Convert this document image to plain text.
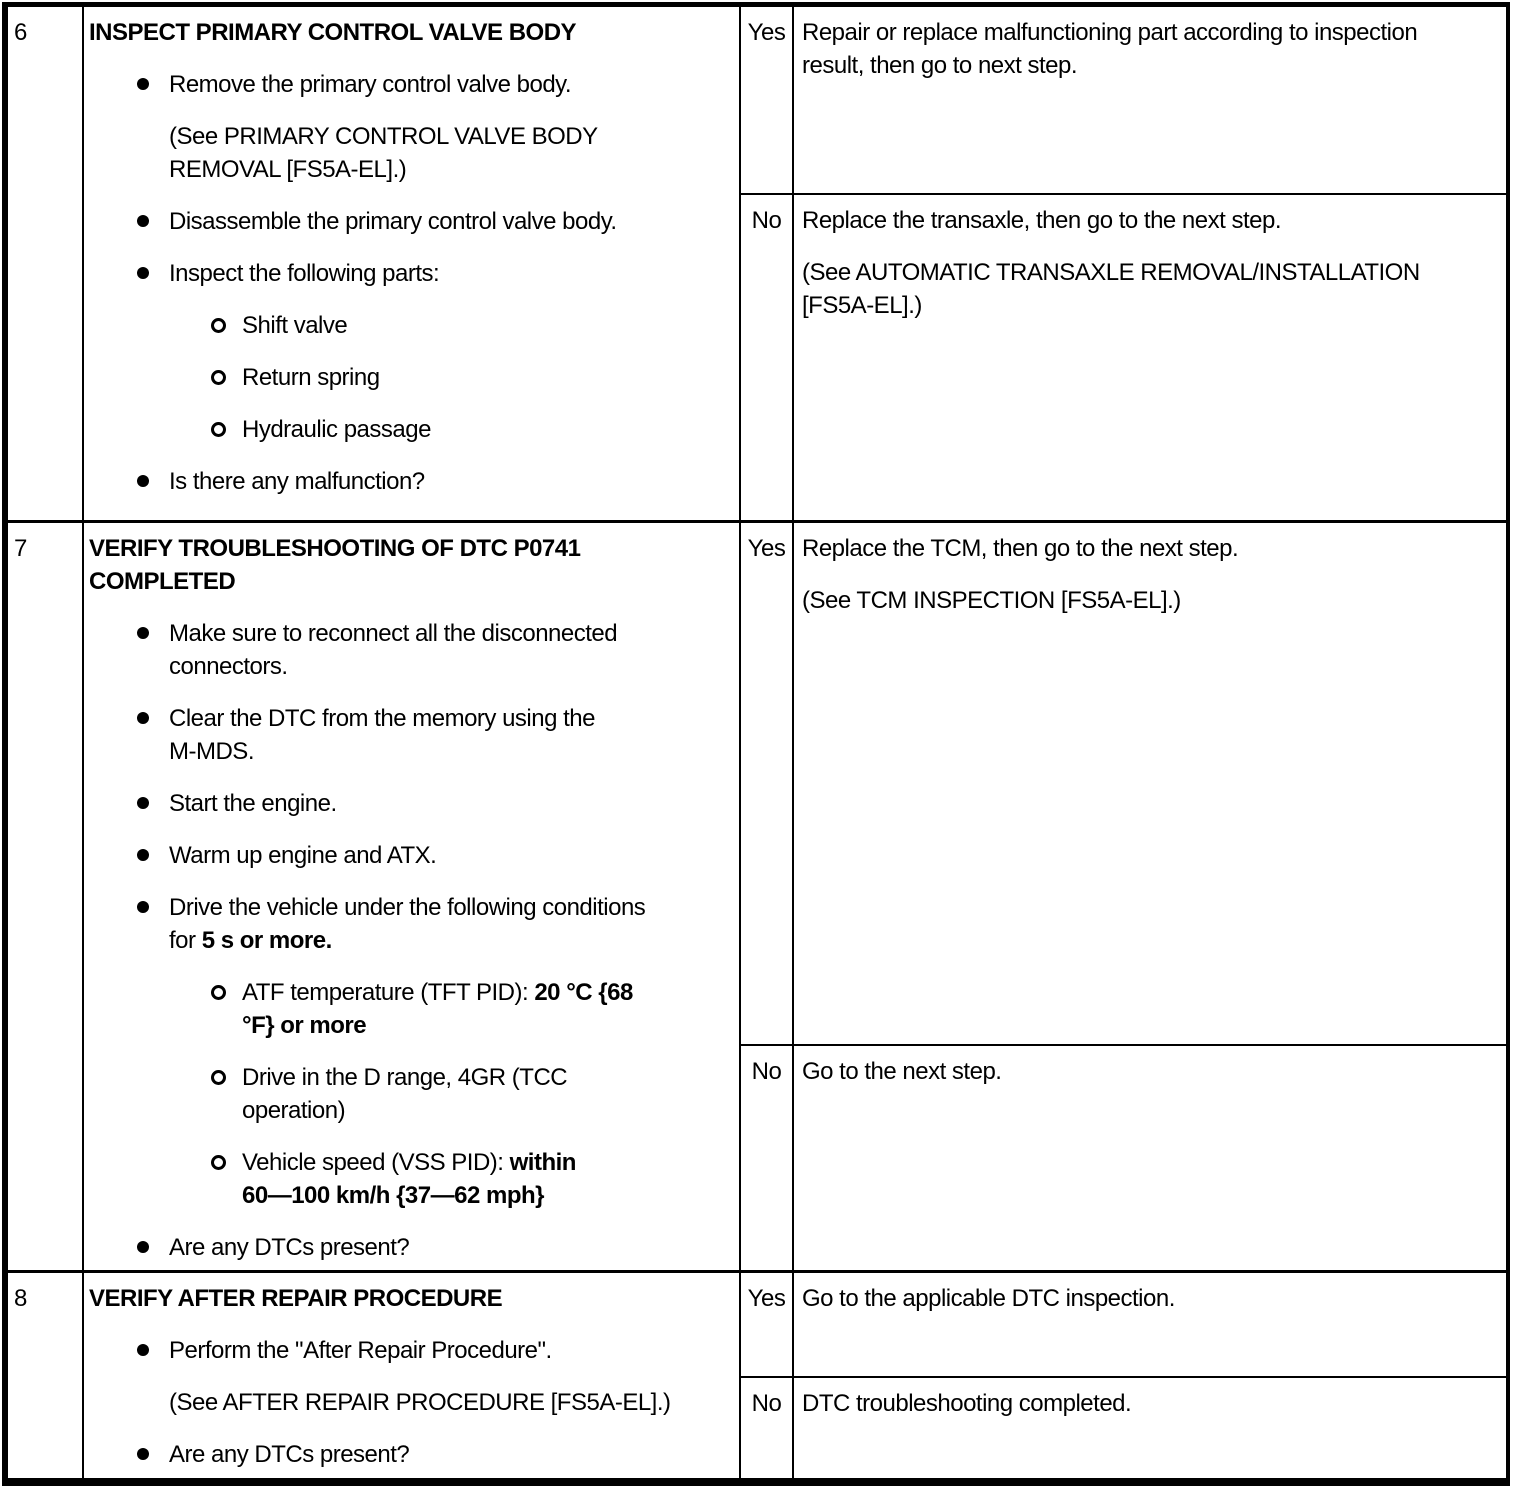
6	INSPECT PRIMARY CONTROL VALVE BODY
Remove the primary control valve body.
(See PRIMARY CONTROL VALVE BODY
REMOVAL [FS5A-EL].)
Disassemble the primary control valve body.
Inspect the following parts:
Shift valve
Return spring
Hydraulic passage
Is there any malfunction?
Yes Repair or replace malfunctioning part according to inspection
result, then go to next step.
No Replace the transaxle, then go to the next step.
(See AUTOMATIC TRANSAXLE REMOVAL/INSTALLATION
[FS5A-EL].)
7	VERIFY TROUBLESHOOTING OF DTC P0741
COMPLETED
Make sure to reconnect all the disconnected
connectors.
Clear the DTC from the memory using the
M-MDS.
Start the engine.
Warm up engine and ATX.
Drive the vehicle under the following conditions
for 5 s or more.
ATF temperature (TFT PID): 20 °C {68
°F} or more
Drive in the D range, 4GR (TCC
operation)
Vehicle speed (VSS PID): within
60—100 km/h {37—62 mph}
Are any DTCs present?
Yes Replace the TCM, then go to the next step.
(See TCM INSPECTION [FS5A-EL].)
No Go to the next step.
8	VERIFY AFTER REPAIR PROCEDURE
Perform the "After Repair Procedure".
(See AFTER REPAIR PROCEDURE [FS5A-EL].)
Are any DTCs present?
Yes Go to the applicable DTC inspection.
No DTC troubleshooting completed.
